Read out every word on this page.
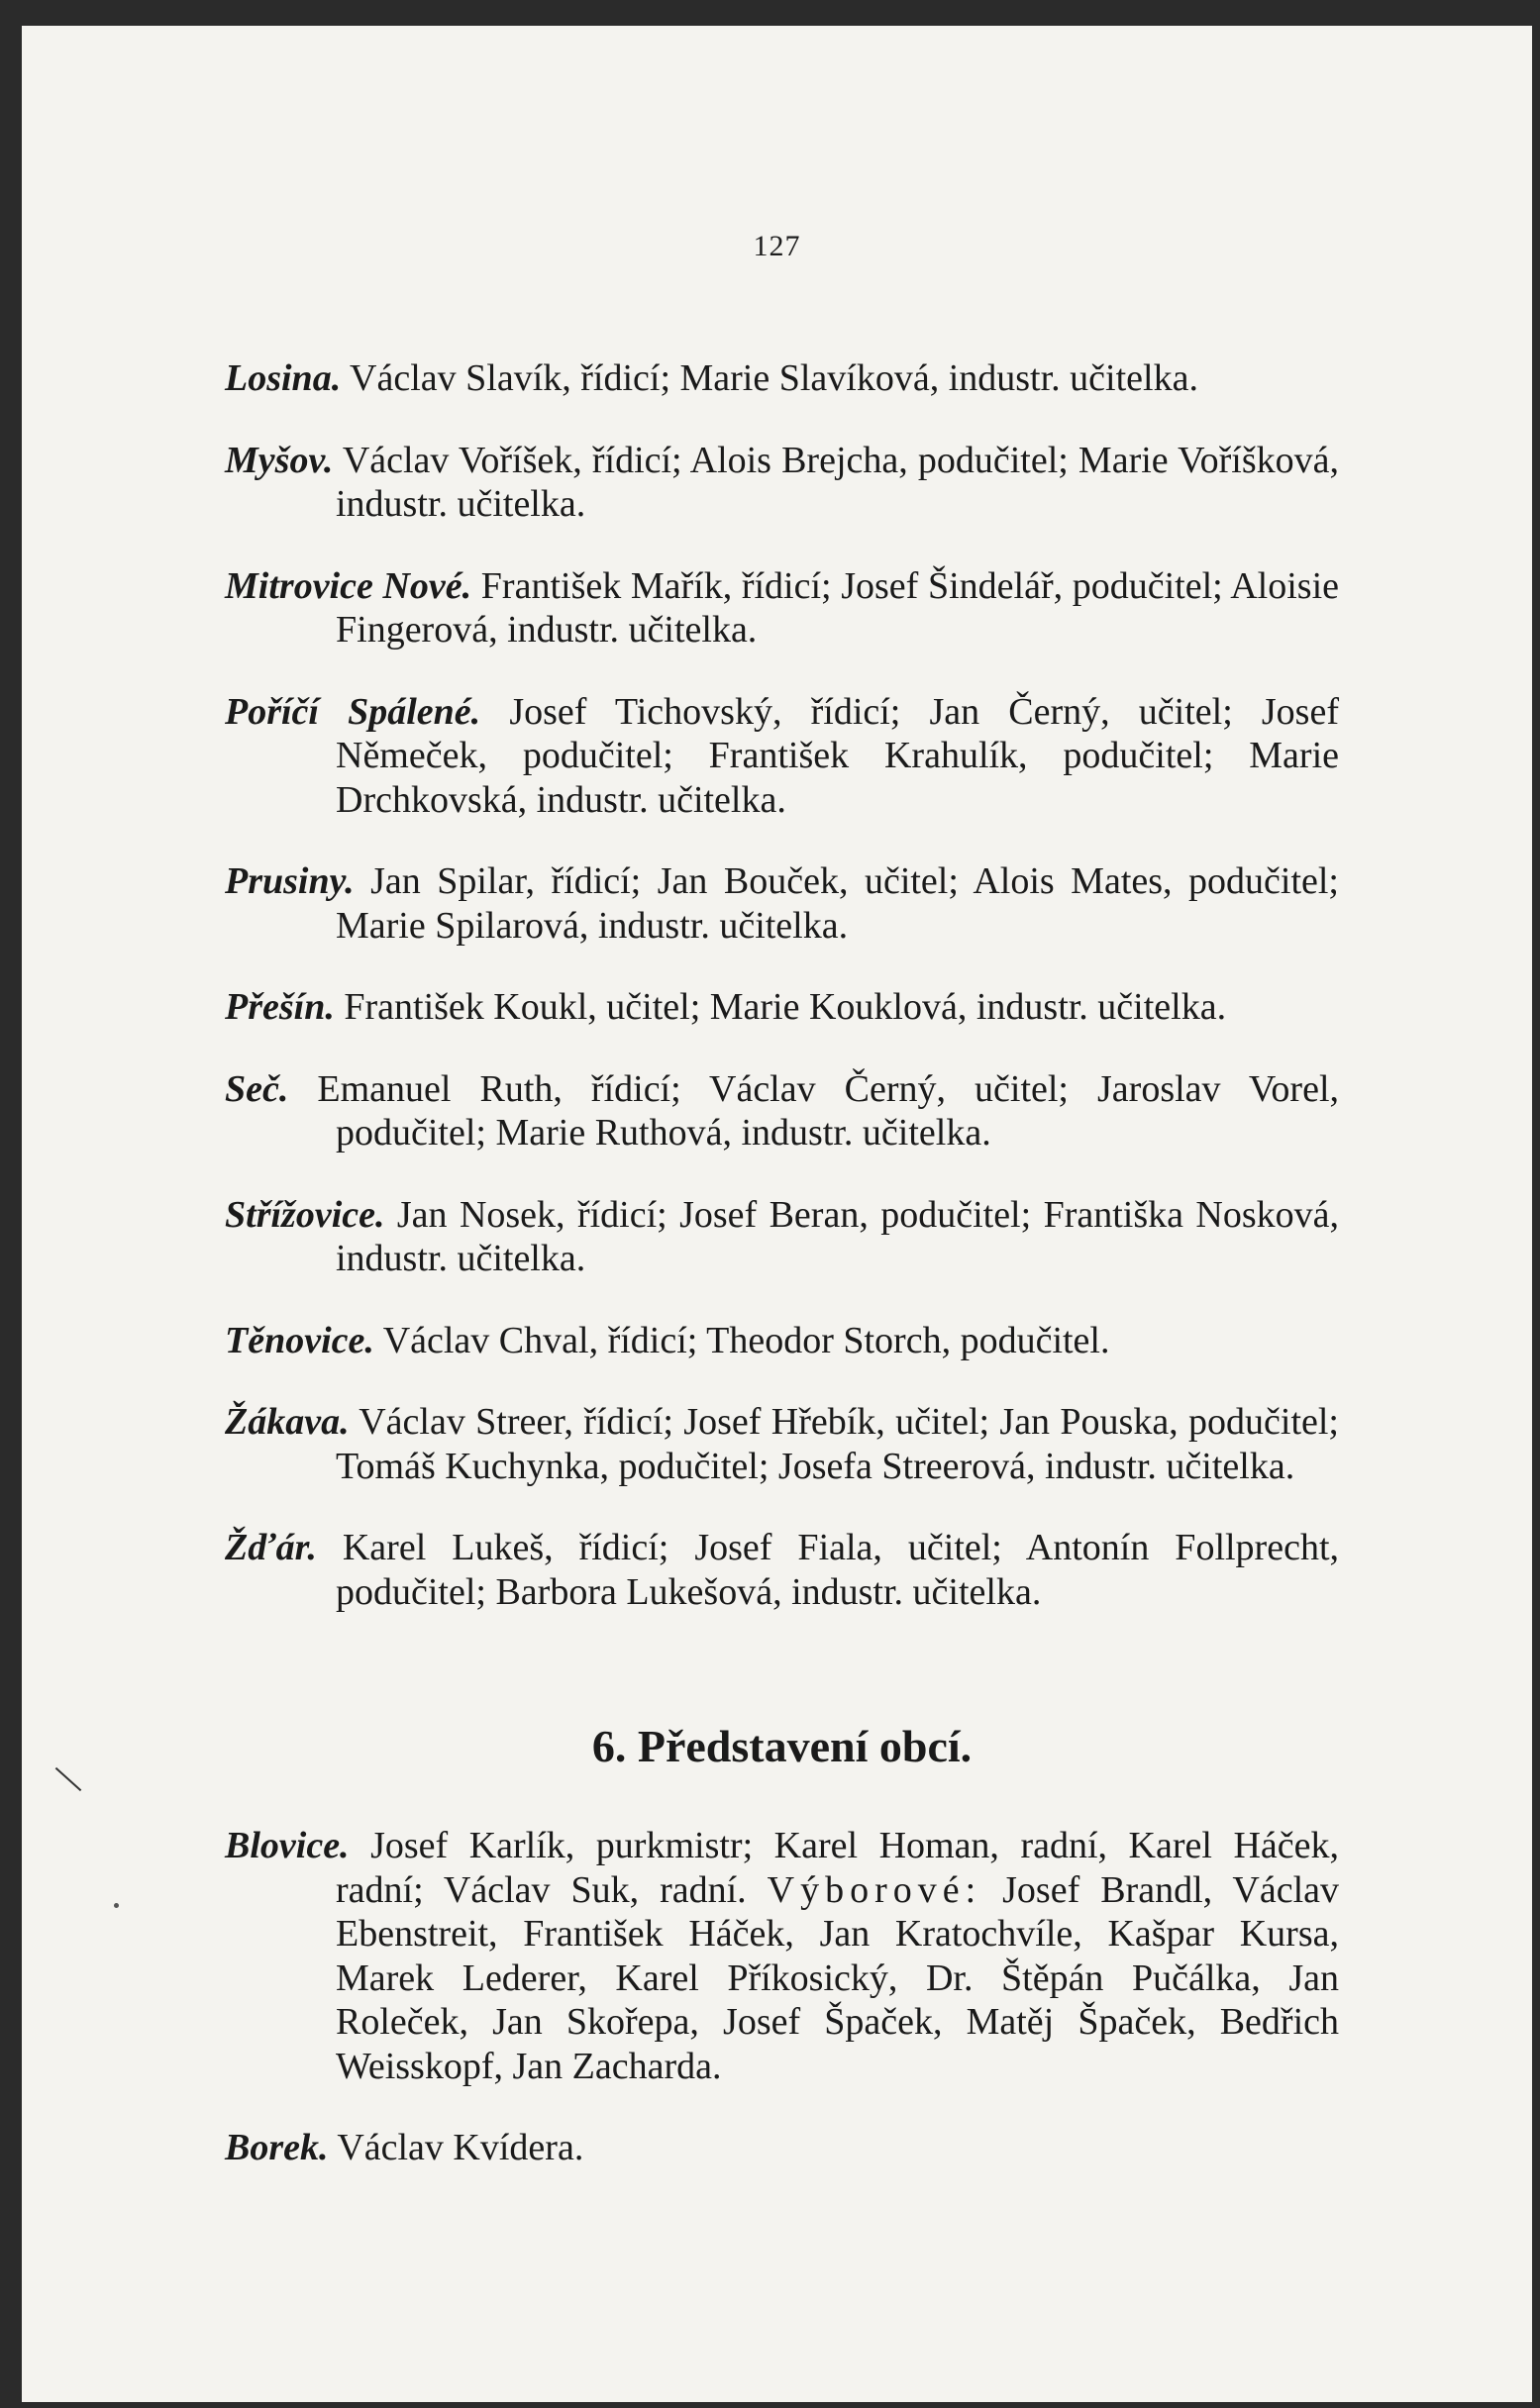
127

Losina. Václav Slavík, řídicí; Marie Slavíková, industr. učitelka.

Myšov. Václav Voříšek, řídicí; Alois Brejcha, podučitel; Marie Voříšková, industr. učitelka.

Mitrovice Nové. František Mařík, řídicí; Josef Šindelář, podučitel; Aloisie Fingerová, industr. učitelka.

Poříčí Spálené. Josef Tichovský, řídicí; Jan Černý, učitel; Josef Němeček, podučitel; František Krahulík, podučitel; Marie Drchkovská, industr. učitelka.

Prusiny. Jan Spilar, řídicí; Jan Bouček, učitel; Alois Mates, podučitel; Marie Spilarová, industr. učitelka.

Přešín. František Koukl, učitel; Marie Kouklová, industr. učitelka.

Seč. Emanuel Ruth, řídicí; Václav Černý, učitel; Jaroslav Vorel, podučitel; Marie Ruthová, industr. učitelka.

Střížovice. Jan Nosek, řídicí; Josef Beran, podučitel; Františka Nosková, industr. učitelka.

Těnovice. Václav Chval, řídicí; Theodor Storch, podučitel.

Žákava. Václav Streer, řídicí; Josef Hřebík, učitel; Jan Pouska, podučitel; Tomáš Kuchynka, podučitel; Josefa Streerová, industr. učitelka.

Žďár. Karel Lukeš, řídicí; Josef Fiala, učitel; Antonín Follprecht, podučitel; Barbora Lukešová, industr. učitelka.

6. Představení obcí.

Blovice. Josef Karlík, purkmistr; Karel Homan, radní, Karel Háček, radní; Václav Suk, radní. Výborové: Josef Brandl, Václav Ebenstreit, František Háček, Jan Kratochvíle, Kašpar Kursa, Marek Lederer, Karel Příkosický, Dr. Štěpán Pučálka, Jan Roleček, Jan Skořepa, Josef Špaček, Matěj Špaček, Bedřich Weisskopf, Jan Zacharda.

Borek. Václav Kvídera.
